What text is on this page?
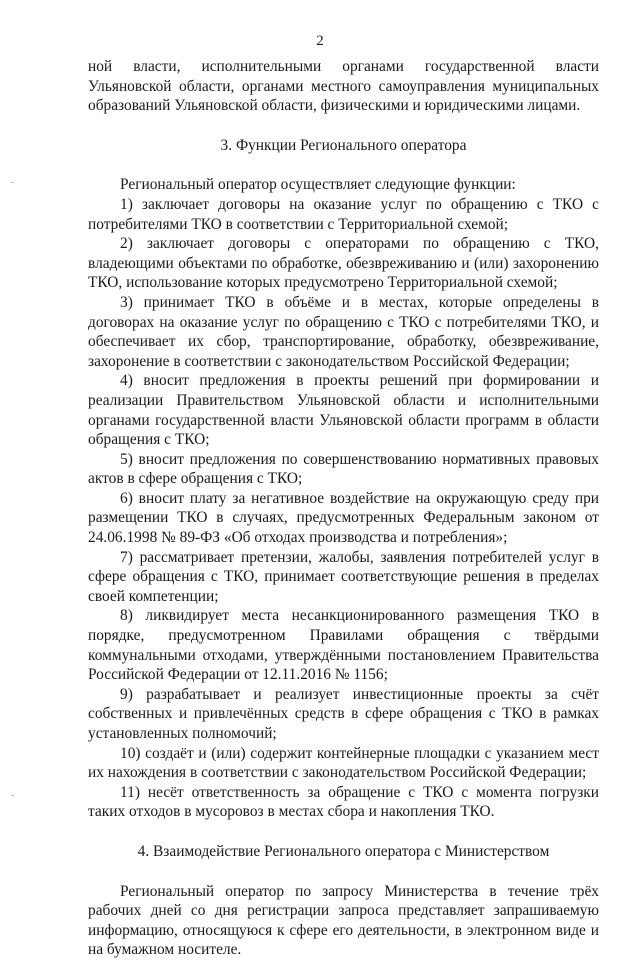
2

ной власти, исполнительными органами государственной власти Ульяновской области, органами местного самоуправления муниципальных образований Ульяновской области, физическими и юридическими лицами.

3. Функции Регионального оператора

Региональный оператор осуществляет следующие функции:

1) заключает договоры на оказание услуг по обращению с ТКО с потребителями ТКО в соответствии с Территориальной схемой;

2) заключает договоры с операторами по обращению с ТКО, владеющими объектами по обработке, обезвреживанию и (или) захоронению ТКО, использование которых предусмотрено Территориальной схемой;

3) принимает ТКО в объёме и в местах, которые определены в договорах на оказание услуг по обращению с ТКО с потребителями ТКО, и обеспечивает их сбор, транспортирование, обработку, обезвреживание, захоронение в соответствии с законодательством Российской Федерации;

4) вносит предложения в проекты решений при формировании и реализации Правительством Ульяновской области и исполнительными органами государственной власти Ульяновской области программ в области обращения с ТКО;

5) вносит предложения по совершенствованию нормативных правовых актов в сфере обращения с ТКО;

6) вносит плату за негативное воздействие на окружающую среду при размещении ТКО в случаях, предусмотренных Федеральным законом от 24.06.1998 № 89-ФЗ «Об отходах производства и потребления»;

7) рассматривает претензии, жалобы, заявления потребителей услуг в сфере обращения с ТКО, принимает соответствующие решения в пределах своей компетенции;

8) ликвидирует места несанкционированного размещения ТКО в порядке, предусмотренном Правилами обращения с твёрдыми коммунальными отходами, утверждёнными постановлением Правительства Российской Федерации от 12.11.2016 № 1156;

9) разрабатывает и реализует инвестиционные проекты за счёт собственных и привлечённых средств в сфере обращения с ТКО в рамках установленных полномочий;

10) создаёт и (или) содержит контейнерные площадки с указанием мест их нахождения в соответствии с законодательством Российской Федерации;

11) несёт ответственность за обращение с ТКО с момента погрузки таких отходов в мусоровоз в местах сбора и накопления ТКО.

4. Взаимодействие Регионального оператора с Министерством

Региональный оператор по запросу Министерства в течение трёх рабочих дней со дня регистрации запроса представляет запрашиваемую информацию, относящуюся к сфере его деятельности, в электронном виде и на бумажном носителе.
